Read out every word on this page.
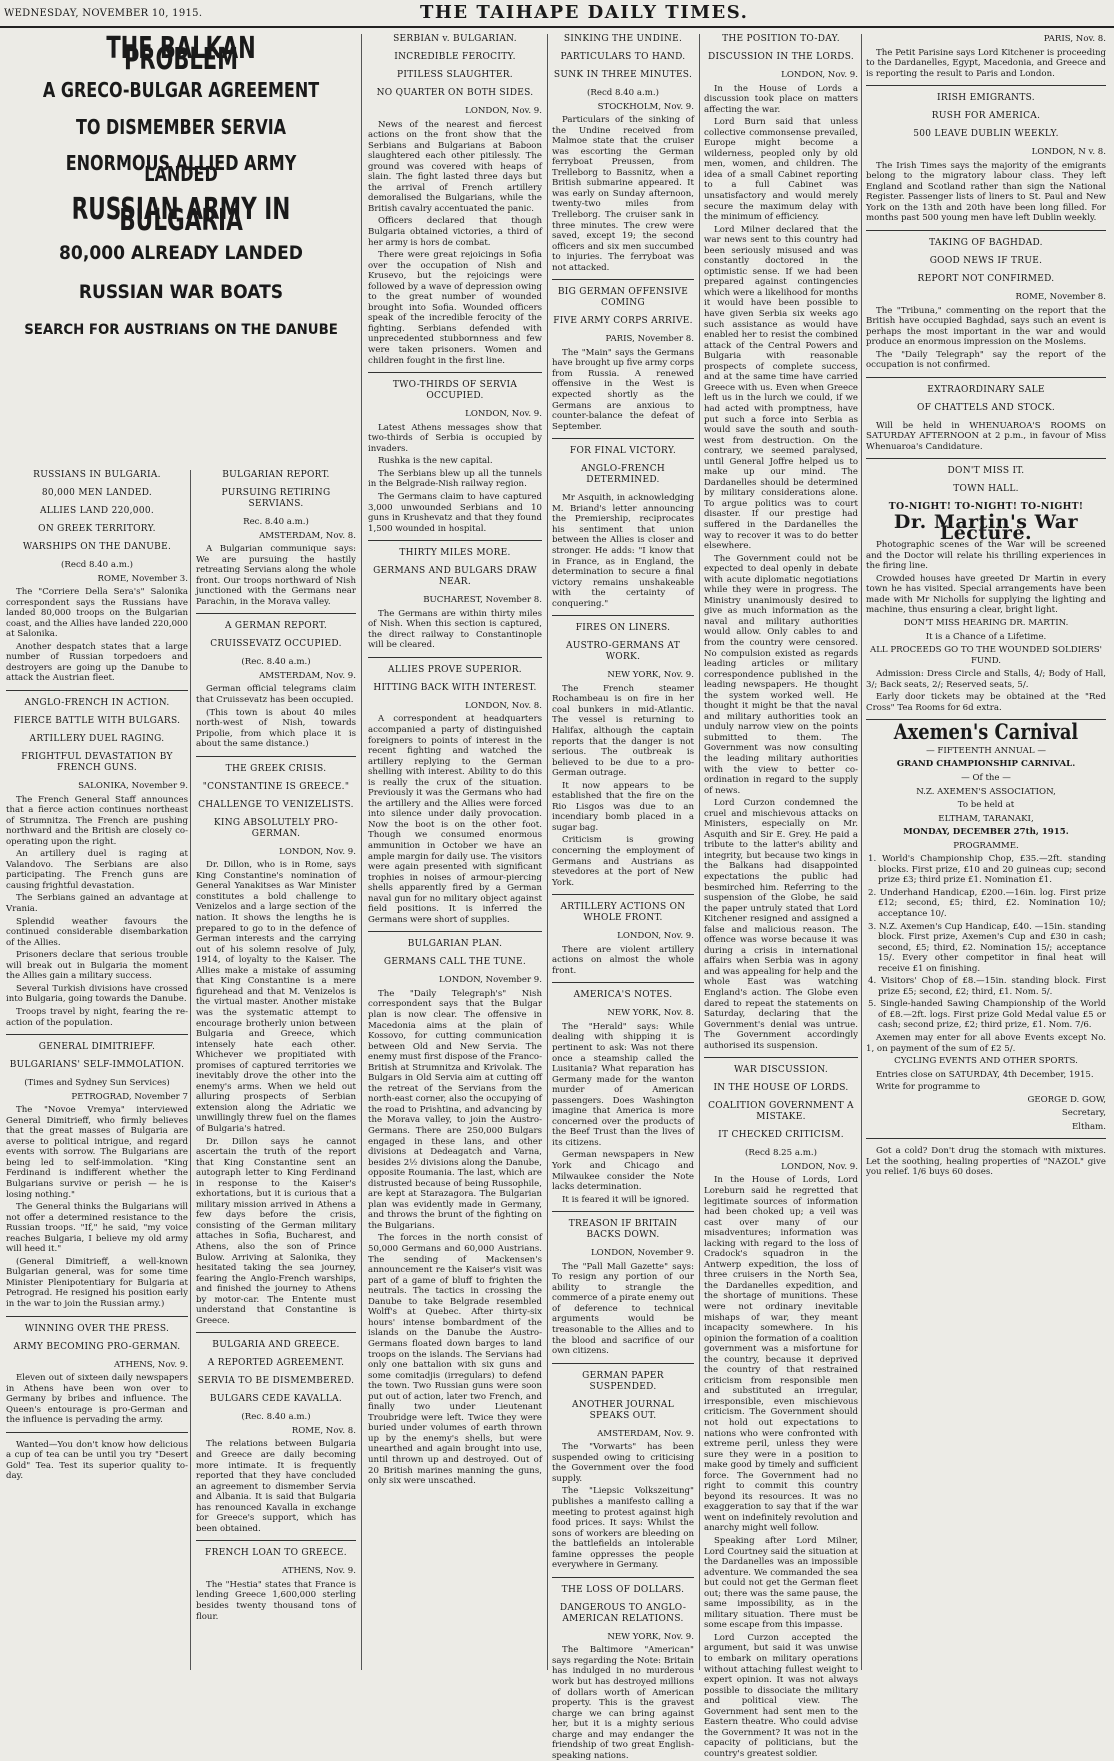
WEDNESDAY, NOVEMBER 10, 1915.	THE TAIHAPE DAILY TIMES.
THE BALKAN PROBLEM
A GRECO-BULGAR AGREEMENT
TO DISMEMBER SERVIA
ENORMOUS ALLIED ARMY LANDED
RUSSIAN ARMY IN BULGARIA
80,000 ALREADY LANDED
RUSSIAN WAR BOATS
SEARCH FOR AUSTRIANS ON THE DANUBE
RUSSIANS IN BULGARIA.
80,000 MEN LANDED.
ALLIES LAND 220,000.
ON GREEK TERRITORY.
WARSHIPS ON THE DANUBE.
(Recd 8.40 a.m.)
ROME, November 3.

The "Corriere Della Sera's" Salonika correspondent says the Russians have landed 80,000 troops on the Bulgarian coast, and the Allies have landed 220,000 at Salonika.

Another despatch states that a large number of Russian torpedoers and destroyers are going up the Danube to attack the Austrian fleet.

ANGLO-FRENCH IN ACTION.
FIERCE BATTLE WITH BULGARS.
ARTILLERY DUEL RAGING.
FRIGHTFUL DEVASTATION BY FRENCH GUNS.
SALONIKA, November 9.

The French General Staff announces that a fierce action continues northeast of Strumnitza. The French are pushing northward and the British are closely co-operating upon the right.

An artillery duel is raging at Valandovo. The Serbians are also participating. The French guns are causing frightful devastation.

The Serbians gained an advantage at Vrania.

Splendid weather favours the continued considerable disembarkation of the Allies.

Prisoners declare that serious trouble will break out in Bulgaria the moment the Allies gain a military success.

Several Turkish divisions have crossed into Bulgaria, going towards the Danube.

Troops travel by night, fearing the re-action of the population.

GENERAL DIMITRIEFF.
BULGARIANS' SELF-IMMOLATION.
(Times and Sydney Sun Services)
PETROGRAD, November 7

The "Novoe Vremya" interviewed General Dimitrieff, who firmly believes that the great masses of Bulgaria are averse to political intrigue, and regard events with sorrow. The Bulgarians are being led to self-immolation. "King Ferdinand is indifferent whether the Bulgarians survive or perish — he is losing nothing."

The General thinks the Bulgarians will not offer a determined resistance to the Russian troops. "If," he said, "my voice reaches Bulgaria, I believe my old army will heed it."

(General Dimitrieff, a well-known Bulgarian general, was for some time Minister Plenipotentiary for Bulgaria at Petrograd. He resigned his position early in the war to join the Russian army.)

WINNING OVER THE PRESS.
ARMY BECOMING PRO-GERMAN.
ATHENS, Nov. 9.

Eleven out of sixteen daily newspapers in Athens have been won over to Germany by bribes and influence. The Queen's entourage is pro-German and the influence is pervading the army.

Wanted—You don't know how delicious a cup of tea can be until you try "Desert Gold" Tea. Test its superior quality to-day.

BULGARIAN REPORT.
PURSUING RETIRING SERVIANS.
Rec. 8.40 a.m.)
AMSTERDAM, Nov. 8.

A Bulgarian communique says: We are pursuing the hastily retreating Servians along the whole front. Our troops northward of Nish junctioned with the Germans near Parachin, in the Morava valley.

A GERMAN REPORT.
CRUISSEVATZ OCCUPIED.
(Rec. 8.40 a.m.)
AMSTERDAM, Nov. 9.

German official telegrams claim that Cruissevatz has been occupied.

(This town is about 40 miles north-west of Nish, towards Pripolie, from which place it is about the same distance.)

THE GREEK CRISIS.
"CONSTANTINE IS GREECE."
CHALLENGE TO VENIZELISTS.
KING ABSOLUTELY PRO-GERMAN.
LONDON, Nov. 9.

Dr. Dillon, who is in Rome, says King Constantine's nomination of General Yanakitses as War Minister constitutes a bold challenge to Venizelos and a large section of the nation. It shows the lengths he is prepared to go to in the defence of German interests and the carrying out of his solemn resolve of July, 1914, of loyalty to the Kaiser. The Allies make a mistake of assuming that King Constantine is a mere figurehead and that M. Venizelos is the virtual master. Another mistake was the systematic attempt to encourage brotherly union between Bulgaria and Greece, which intensely hate each other. Whichever we propitiated with promises of captured territories we inevitably drove the other into the enemy's arms. When we held out alluring prospects of Serbian extension along the Adriatic we unwillingly threw fuel on the flames of Bulgaria's hatred.

Dr. Dillon says he cannot ascertain the truth of the report that King Constantine sent an autograph letter to King Ferdinand in response to the Kaiser's exhortations, but it is curious that a military mission arrived in Athens a few days before the crisis, consisting of the German military attaches in Sofia, Bucharest, and Athens, also the son of Prince Bulow. Arriving at Salonika, they hesitated taking the sea journey, fearing the Anglo-French warships, and finished the journey to Athens by motor-car. The Entente must understand that Constantine is Greece.

BULGARIA AND GREECE.
A REPORTED AGREEMENT.
SERVIA TO BE DISMEMBERED.
BULGARS CEDE KAVALLA.
(Rec. 8.40 a.m.)
ROME, Nov. 8.

The relations between Bulgaria and Greece are daily becoming more intimate. It is frequently reported that they have concluded an agreement to dismember Servia and Albania. It is said that Bulgaria has renounced Kavalla in exchange for Greece's support, which has been obtained.

FRENCH LOAN TO GREECE.
ATHENS, Nov. 9.

The "Hestia" states that France is lending Greece 1,600,000 sterling besides twenty thousand tons of flour.

SERBIAN v. BULGARIAN.
INCREDIBLE FEROCITY.
PITILESS SLAUGHTER.
NO QUARTER ON BOTH SIDES.
LONDON, Nov. 9.

News of the nearest and fiercest actions on the front show that the Serbians and Bulgarians at Baboon slaughtered each other pitilessly. The ground was covered with heaps of slain. The fight lasted three days but the arrival of French artillery demoralised the Bulgarians, while the British cavalry accentuated the panic.

Officers declared that though Bulgaria obtained victories, a third of her army is hors de combat.

There were great rejoicings in Sofia over the occupation of Nish and Krusevo, but the rejoicings were followed by a wave of depression owing to the great number of wounded brought into Sofia. Wounded officers speak of the incredible ferocity of the fighting. Serbians defended with unprecedented stubbornness and few were taken prisoners. Women and children fought in the first line.

TWO-THIRDS OF SERVIA OCCUPIED.
LONDON, Nov. 9.

Latest Athens messages show that two-thirds of Serbia is occupied by invaders.

Rushka is the new capital.

The Serbians blew up all the tunnels in the Belgrade-Nish railway region.

The Germans claim to have captured 3,000 unwounded Serbians and 10 guns in Krushevatz and that they found 1,500 wounded in hospital.

THIRTY MILES MORE.
GERMANS AND BULGARS DRAW NEAR.
BUCHAREST, November 8.

The Germans are within thirty miles of Nish. When this section is captured, the direct railway to Constantinople will be cleared.

ALLIES PROVE SUPERIOR.
HITTING BACK WITH INTEREST.
LONDON, Nov. 8.

A correspondent at headquarters accompanied a party of distinguished foreigners to points of interest in the recent fighting and watched the artillery replying to the German shelling with interest. Ability to do this is really the crux of the situation. Previously it was the Germans who had the artillery and the Allies were forced into silence under daily provocation. Now the boot is on the other foot. Though we consumed enormous ammunition in October we have an ample margin for daily use. The visitors were again presented with significant trophies in noises of armour-piercing shells apparently fired by a German naval gun for no military object against field positions. It is inferred the Germans were short of supplies.

BULGARIAN PLAN.
GERMANS CALL THE TUNE.
LONDON, November 9.

The "Daily Telegraph's" Nish correspondent says that the Bulgar plan is now clear. The offensive in Macedonia aims at the plain of Kossovo, for cutting communication between Old and New Servia. The enemy must first dispose of the Franco-British at Strumnitza and Krivolak. The Bulgars in Old Servia aim at cutting off the retreat of the Servians from the north-east corner, also the occupying of the road to Prishtina, and advancing by the Morava valley, to join the Austro-Germans. There are 250,000 Bulgars engaged in these lans, and other divisions at Dedeagatch and Varna, besides 2½ divisions along the Danube, opposite Roumania. The last, which are distrusted because of being Russophile, are kept at Starazagora. The Bulgarian plan was evidently made in Germany, and throws the brunt of the fighting on the Bulgarians.

The forces in the north consist of 50,000 Germans and 60,000 Austrians. The sending of Mackensen's announcement re the Kaiser's visit was part of a game of bluff to frighten the neutrals. The tactics in crossing the Danube to take Belgrade resembled Wolff's at Quebec. After thirty-six hours' intense bombardment of the islands on the Danube the Austro-Germans floated down barges to land troops on the islands. The Servians had only one battalion with six guns and some comitadjis (irregulars) to defend the town. Two Russian guns were soon put out of action, later two French, and finally two under Lieutenant Troubridge were left. Twice they were buried under volumes of earth thrown up by the enemy's shells, but were unearthed and again brought into use, until thrown up and destroyed. Out of 20 British marines manning the guns, only six were unscathed.

SINKING THE UNDINE.
PARTICULARS TO HAND.
SUNK IN THREE MINUTES.
(Recd 8.40 a.m.)
STOCKHOLM, Nov. 9.

Particulars of the sinking of the Undine received from Malmoe state that the cruiser was escorting the German ferryboat Preussen, from Trelleborg to Bassnitz, when a British submarine appeared. It was early on Sunday afternoon, twenty-two miles from Trelleborg. The cruiser sank in three minutes. The crew were saved, except 19; the second officers and six men succumbed to injuries. The ferryboat was not attacked.

BIG GERMAN OFFENSIVE COMING
FIVE ARMY CORPS ARRIVE.
PARIS, November 8.

The "Main" says the Germans have brought up five army corps from Russia. A renewed offensive in the West is expected shortly as the Germans are anxious to counter-balance the defeat of September.

FOR FINAL VICTORY.
ANGLO-FRENCH DETERMINED.

Mr Asquith, in acknowledging M. Briand's letter announcing the Premiership, reciprocates his sentiment that union between the Allies is closer and stronger. He adds: "I know that in France, as in England, the determination to secure a final victory remains unshakeable with the certainty of conquering."

FIRES ON LINERS.
AUSTRO-GERMANS AT WORK.
NEW YORK, Nov. 9.

The French steamer Rochambeau is on fire in her coal bunkers in mid-Atlantic. The vessel is returning to Halifax, although the captain reports that the danger is not serious. The outbreak is believed to be due to a pro-German outrage.

It now appears to be established that the fire on the Rio Lisgos was due to an incendiary bomb placed in a sugar bag.

Criticism is growing concerning the employment of Germans and Austrians as stevedores at the port of New York.

ARTILLERY ACTIONS ON WHOLE FRONT.
LONDON, Nov. 9.

There are violent artillery actions on almost the whole front.

AMERICA'S NOTES.
NEW YORK, Nov. 8.

The "Herald" says: While dealing with shipping it is pertinent to ask: Was not there once a steamship called the Lusitania? What reparation has Germany made for the wanton murder of American passengers. Does Washington imagine that America is more concerned over the products of the Beef Trust than the lives of its citizens.

German newspapers in New York and Chicago and Milwaukee consider the Note lacks determination.

It is feared it will be ignored.

TREASON IF BRITAIN BACKS DOWN.
LONDON, November 9.

The "Pall Mall Gazette" says: To resign any portion of our ability to strangle the commerce of a pirate enemy out of deference to technical arguments would be treasonable to the Allies and to the blood and sacrifice of our own citizens.

GERMAN PAPER SUSPENDED.
ANOTHER JOURNAL SPEAKS OUT.
AMSTERDAM, Nov. 9.

The "Vorwarts" has been suspended owing to criticising the Government over the food supply.

The "Liepsic Volkszeitung" publishes a manifesto calling a meeting to protest against high food prices. It says: Whilst the sons of workers are bleeding on the battlefields an intolerable famine oppresses the people everywhere in Germany.

THE LOSS OF DOLLARS.
DANGEROUS TO ANGLO-AMERICAN RELATIONS.
NEW YORK, Nov. 9.

The Baltimore "American" says regarding the Note: Britain has indulged in no murderous work but has destroyed millions of dollars worth of American property. This is the gravest charge we can bring against her, but it is a mighty serious charge and may endanger the friendship of two great English-speaking nations.

THE POSITION TO-DAY.
DISCUSSION IN THE LORDS.
LONDON, Nov. 9.

In the House of Lords a discussion took place on matters affecting the war.

Lord Burn said that unless collective commonsense prevailed, Europe might become a wilderness, peopled only by old men, women, and children. The idea of a small Cabinet reporting to a full Cabinet was unsatisfactory and would merely secure the maximum delay with the minimum of efficiency.

Lord Milner declared that the war news sent to this country had been seriously misused and was constantly doctored in the optimistic sense. If we had been prepared against contingencies which were a likelihood for months it would have been possible to have given Serbia six weeks ago such assistance as would have enabled her to resist the combined attack of the Central Powers and Bulgaria with reasonable prospects of complete success, and at the same time have carried Greece with us. Even when Greece left us in the lurch we could, if we had acted with promptness, have put such a force into Serbia as would save the south and south-west from destruction. On the contrary, we seemed paralysed, until General Joffre helped us to make up our mind. The Dardanelles should be determined by military considerations alone. To argue politics was to court disaster. If our prestige had suffered in the Dardanelles the way to recover it was to do better elsewhere.

The Government could not be expected to deal openly in debate with acute diplomatic negotiations while they were in progress. The Ministry unanimously desired to give as much information as the naval and military authorities would allow. Only cables to and from the country were censored. No compulsion existed as regards leading articles or military correspondence published in the leading newspapers. He thought the system worked well. He thought it might be that the naval and military authorities took an unduly narrow view on the points submitted to them. The Government was now consulting the leading military authorities with the view to better co-ordination in regard to the supply of news.

Lord Curzon condemned the cruel and mischievous attacks on Ministers, especially on Mr. Asquith and Sir E. Grey. He paid a tribute to the latter's ability and integrity, but because two kings in the Balkans had disappointed expectations the public had besmirched him. Referring to the suspension of the Globe, he said the paper untruly stated that Lord Kitchener resigned and assigned a false and malicious reason. The offence was worse because it was during a crisis in international affairs when Serbia was in agony and was appealing for help and the whole East was watching England's action. The Globe even dared to repeat the statements on Saturday, declaring that the Government's denial was untrue. The Government accordingly authorised its suspension.

WAR DISCUSSION.
IN THE HOUSE OF LORDS.
COALITION GOVERNMENT A MISTAKE.
IT CHECKED CRITICISM.
(Recd 8.25 a.m.)
LONDON, Nov. 9.

In the House of Lords, Lord Loreburn said he regretted that legitimate sources of information had been choked up; a veil was cast over many of our misadventures; information was lacking with regard to the loss of Cradock's squadron in the Antwerp expedition, the loss of three cruisers in the North Sea, the Dardanelles expedition, and the shortage of munitions. These were not ordinary inevitable mishaps of war, they meant incapacity somewhere. In his opinion the formation of a coalition government was a misfortune for the country, because it deprived the country of that restrained criticism from responsible men and substituted an irregular, irresponsible, even mischievous criticism. The Government should not hold out expectations to nations who were confronted with extreme peril, unless they were sure they were in a position to make good by timely and sufficient force. The Government had no right to commit this country beyond its resources. It was no exaggeration to say that if the war went on indefinitely revolution and anarchy might well follow.

Speaking after Lord Milner, Lord Courtney said the situation at the Dardanelles was an impossible adventure. We commanded the sea but could not get the German fleet out; there was the same pause, the same impossibility, as in the military situation. There must be some escape from this impasse.

Lord Curzon accepted the argument, but said it was unwise to embark on military operations without attaching fullest weight to expert opinion. It was not always possible to dissociate the military and political view. The Government had sent men to the Eastern theatre. Who could advise the Government? It was not in the capacity of politicians, but the country's greatest soldier.

PARIS, Nov. 8.

The Petit Parisine says Lord Kitchener is proceeding to the Dardanelles, Egypt, Macedonia, and Greece and is reporting the result to Paris and London.

IRISH EMIGRANTS.
RUSH FOR AMERICA.
500 LEAVE DUBLIN WEEKLY.
LONDON, N v. 8.

The Irish Times says the majority of the emigrants belong to the migratory labour class. They left England and Scotland rather than sign the National Register. Passenger lists of liners to St. Paul and New York on the 13th and 20th have been long filled. For months past 500 young men have left Dublin weekly.

TAKING OF BAGHDAD.
GOOD NEWS IF TRUE.
REPORT NOT CONFIRMED.
ROME, November 8.

The "Tribuna," commenting on the report that the British have occupied Baghdad, says such an event is perhaps the most important in the war and would produce an enormous impression on the Moslems.

The "Daily Telegraph" say the report of the occupation is not confirmed.

EXTRAORDINARY SALE
OF CHATTELS AND STOCK.

Will be held in WHENUAROA'S ROOMS on SATURDAY AFTERNOON at 2 p.m., in favour of Miss Whenuaroa's Candidature.

DON'T MISS IT.
TOWN HALL.
TO-NIGHT! TO-NIGHT! TO-NIGHT!
Dr. Martin's War Lecture.

Photographic scenes of the War will be screened and the Doctor will relate his thrilling experiences in the firing line.

Crowded houses have greeted Dr Martin in every town he has visited. Special arrangements have been made with Mr Nicholls for supplying the lighting and machine, thus ensuring a clear, bright light.

DON'T MISS HEARING DR. MARTIN.
It is a Chance of a Lifetime.
ALL PROCEEDS GO TO THE WOUNDED SOLDIERS' FUND.

Admission: Dress Circle and Stalls, 4/; Body of Hall, 3/; Back seats, 2/; Reserved seats, 5/.

Early door tickets may be obtained at the "Red Cross" Tea Rooms for 6d extra.

Axemen's Carnival
— FIFTEENTH ANNUAL —
GRAND CHAMPIONSHIP CARNIVAL.
— Of the —
N.Z. AXEMEN'S ASSOCIATION,
To be held at
ELTHAM, TARANAKI,
MONDAY, DECEMBER 27th, 1915.
PROGRAMME.

1. World's Championship Chop, £35.—2ft. standing blocks. First prize, £10 and 20 guineas cup; second prize £3; third prize £1. Nomination £1.

2. Underhand Handicap, £200.—16in. log. First prize £12; second, £5; third, £2. Nomination 10/; acceptance 10/.

3. N.Z. Axemen's Cup Handicap, £40. —15in. standing block. First prize, Axemen's Cup and £30 in cash; second, £5; third, £2. Nomination 15/; acceptance 15/. Every other competitor in final heat will receive £1 on finishing.

4. Visitors' Chop of £8.—15in. standing block. First prize £5; second, £2; third, £1. Nom. 5/.

5. Single-handed Sawing Championship of the World of £8.—2ft. logs. First prize Gold Medal value £5 or cash; second prize, £2; third prize, £1. Nom. 7/6.

Axemen may enter for all above Events except No. 1, on payment of the sum of £2 5/.

CYCLING EVENTS AND OTHER SPORTS.

Entries close on SATURDAY, 4th December, 1915.

Write for programme to

GEORGE D. GOW,
Secretary,
Eltham.

Got a cold? Don't drug the stomach with mixtures. Let the soothing, healing properties of "NAZOL" give you relief. 1/6 buys 60 doses.
